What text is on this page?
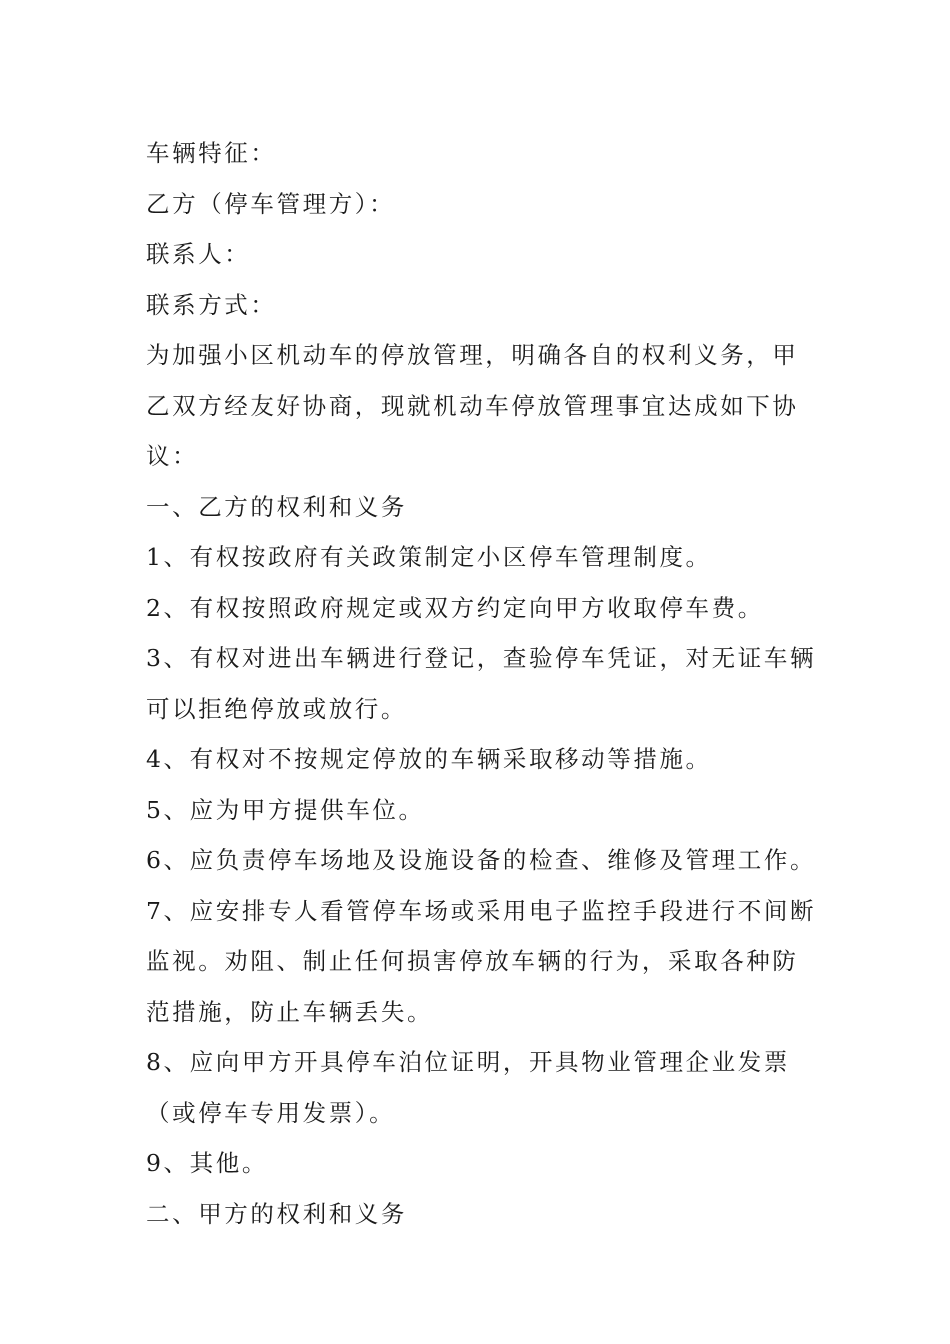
车辆特征：
乙方（停车管理方）：
联系人：
联系方式：
为加强小区机动车的停放管理，明确各自的权利义务，甲
乙双方经友好协商，现就机动车停放管理事宜达成如下协
议：
一、乙方的权利和义务
1、有权按政府有关政策制定小区停车管理制度。
2、有权按照政府规定或双方约定向甲方收取停车费。
3、有权对进出车辆进行登记，查验停车凭证，对无证车辆
可以拒绝停放或放行。
4、有权对不按规定停放的车辆采取移动等措施。
5、应为甲方提供车位。
6、应负责停车场地及设施设备的检查、维修及管理工作。
7、应安排专人看管停车场或采用电子监控手段进行不间断
监视。劝阻、制止任何损害停放车辆的行为，采取各种防
范措施，防止车辆丢失。
8、应向甲方开具停车泊位证明，开具物业管理企业发票
（或停车专用发票）。
9、其他。
二、甲方的权利和义务
